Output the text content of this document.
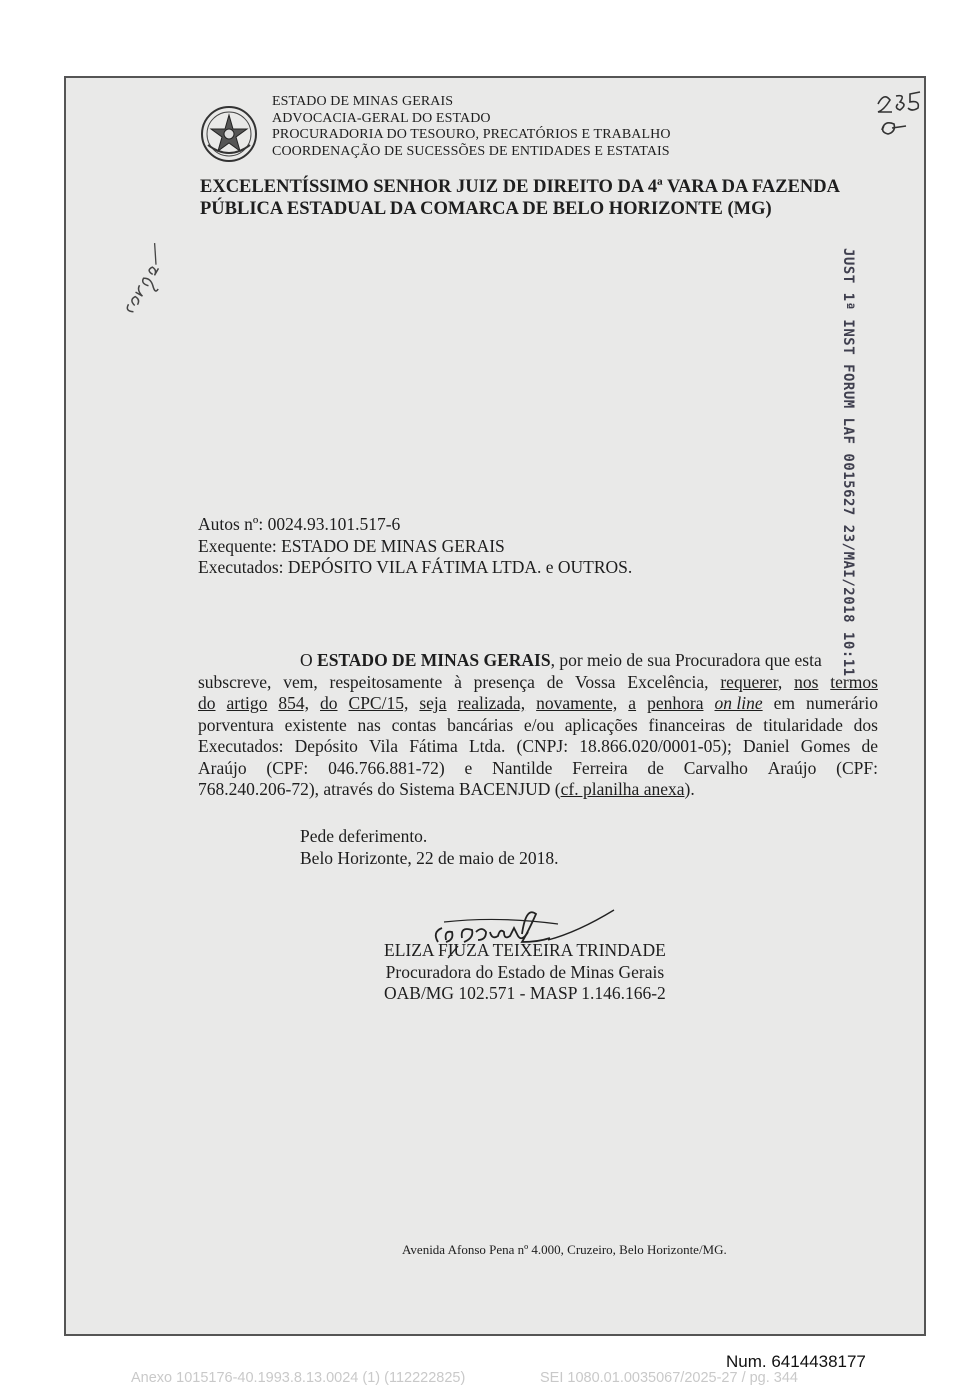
ESTADO DE MINAS GERAIS
ADVOCACIA-GERAL DO ESTADO
PROCURADORIA DO TESOURO, PRECATÓRIOS E TRABALHO
COORDENAÇÃO DE SUCESSÕES DE ENTIDADES E ESTATAIS
EXCELENTÍSSIMO SENHOR JUIZ DE DIREITO DA 4ª VARA DA FAZENDA
PÚBLICA ESTADUAL DA COMARCA DE BELO HORIZONTE (MG)
JUST 1ª INST FORUM LAF 0015627 23/MAI/2018 10:11
Autos nº: 0024.93.101.517-6
Exequente: ESTADO DE MINAS GERAIS
Executados: DEPÓSITO VILA FÁTIMA LTDA. e OUTROS.
O ESTADO DE MINAS GERAIS, por meio de sua Procuradora que esta
subscreve, vem, respeitosamente à presença de Vossa Excelência, requerer, nos termos
do artigo 854, do CPC/15, seja realizada, novamente, a penhora on line em numerário
porventura existente nas contas bancárias e/ou aplicações financeiras de titularidade dos
Executados: Depósito Vila Fátima Ltda. (CNPJ: 18.866.020/0001-05); Daniel Gomes de
Araújo (CPF: 046.766.881-72) e Nantilde Ferreira de Carvalho Araújo (CPF:
768.240.206-72), através do Sistema BACENJUD (cf. planilha anexa).
Pede deferimento.
Belo Horizonte, 22 de maio de 2018.
ELIZA FIUZA TEIXEIRA TRINDADE
Procuradora do Estado de Minas Gerais
OAB/MG 102.571 - MASP 1.146.166-2
Avenida Afonso Pena nº 4.000, Cruzeiro, Belo Horizonte/MG.
Num. 6414438177
Anexo 1015176-40.1993.8.13.0024 (1) (112222825)	SEI 1080.01.0035067/2025-27 / pg. 344
